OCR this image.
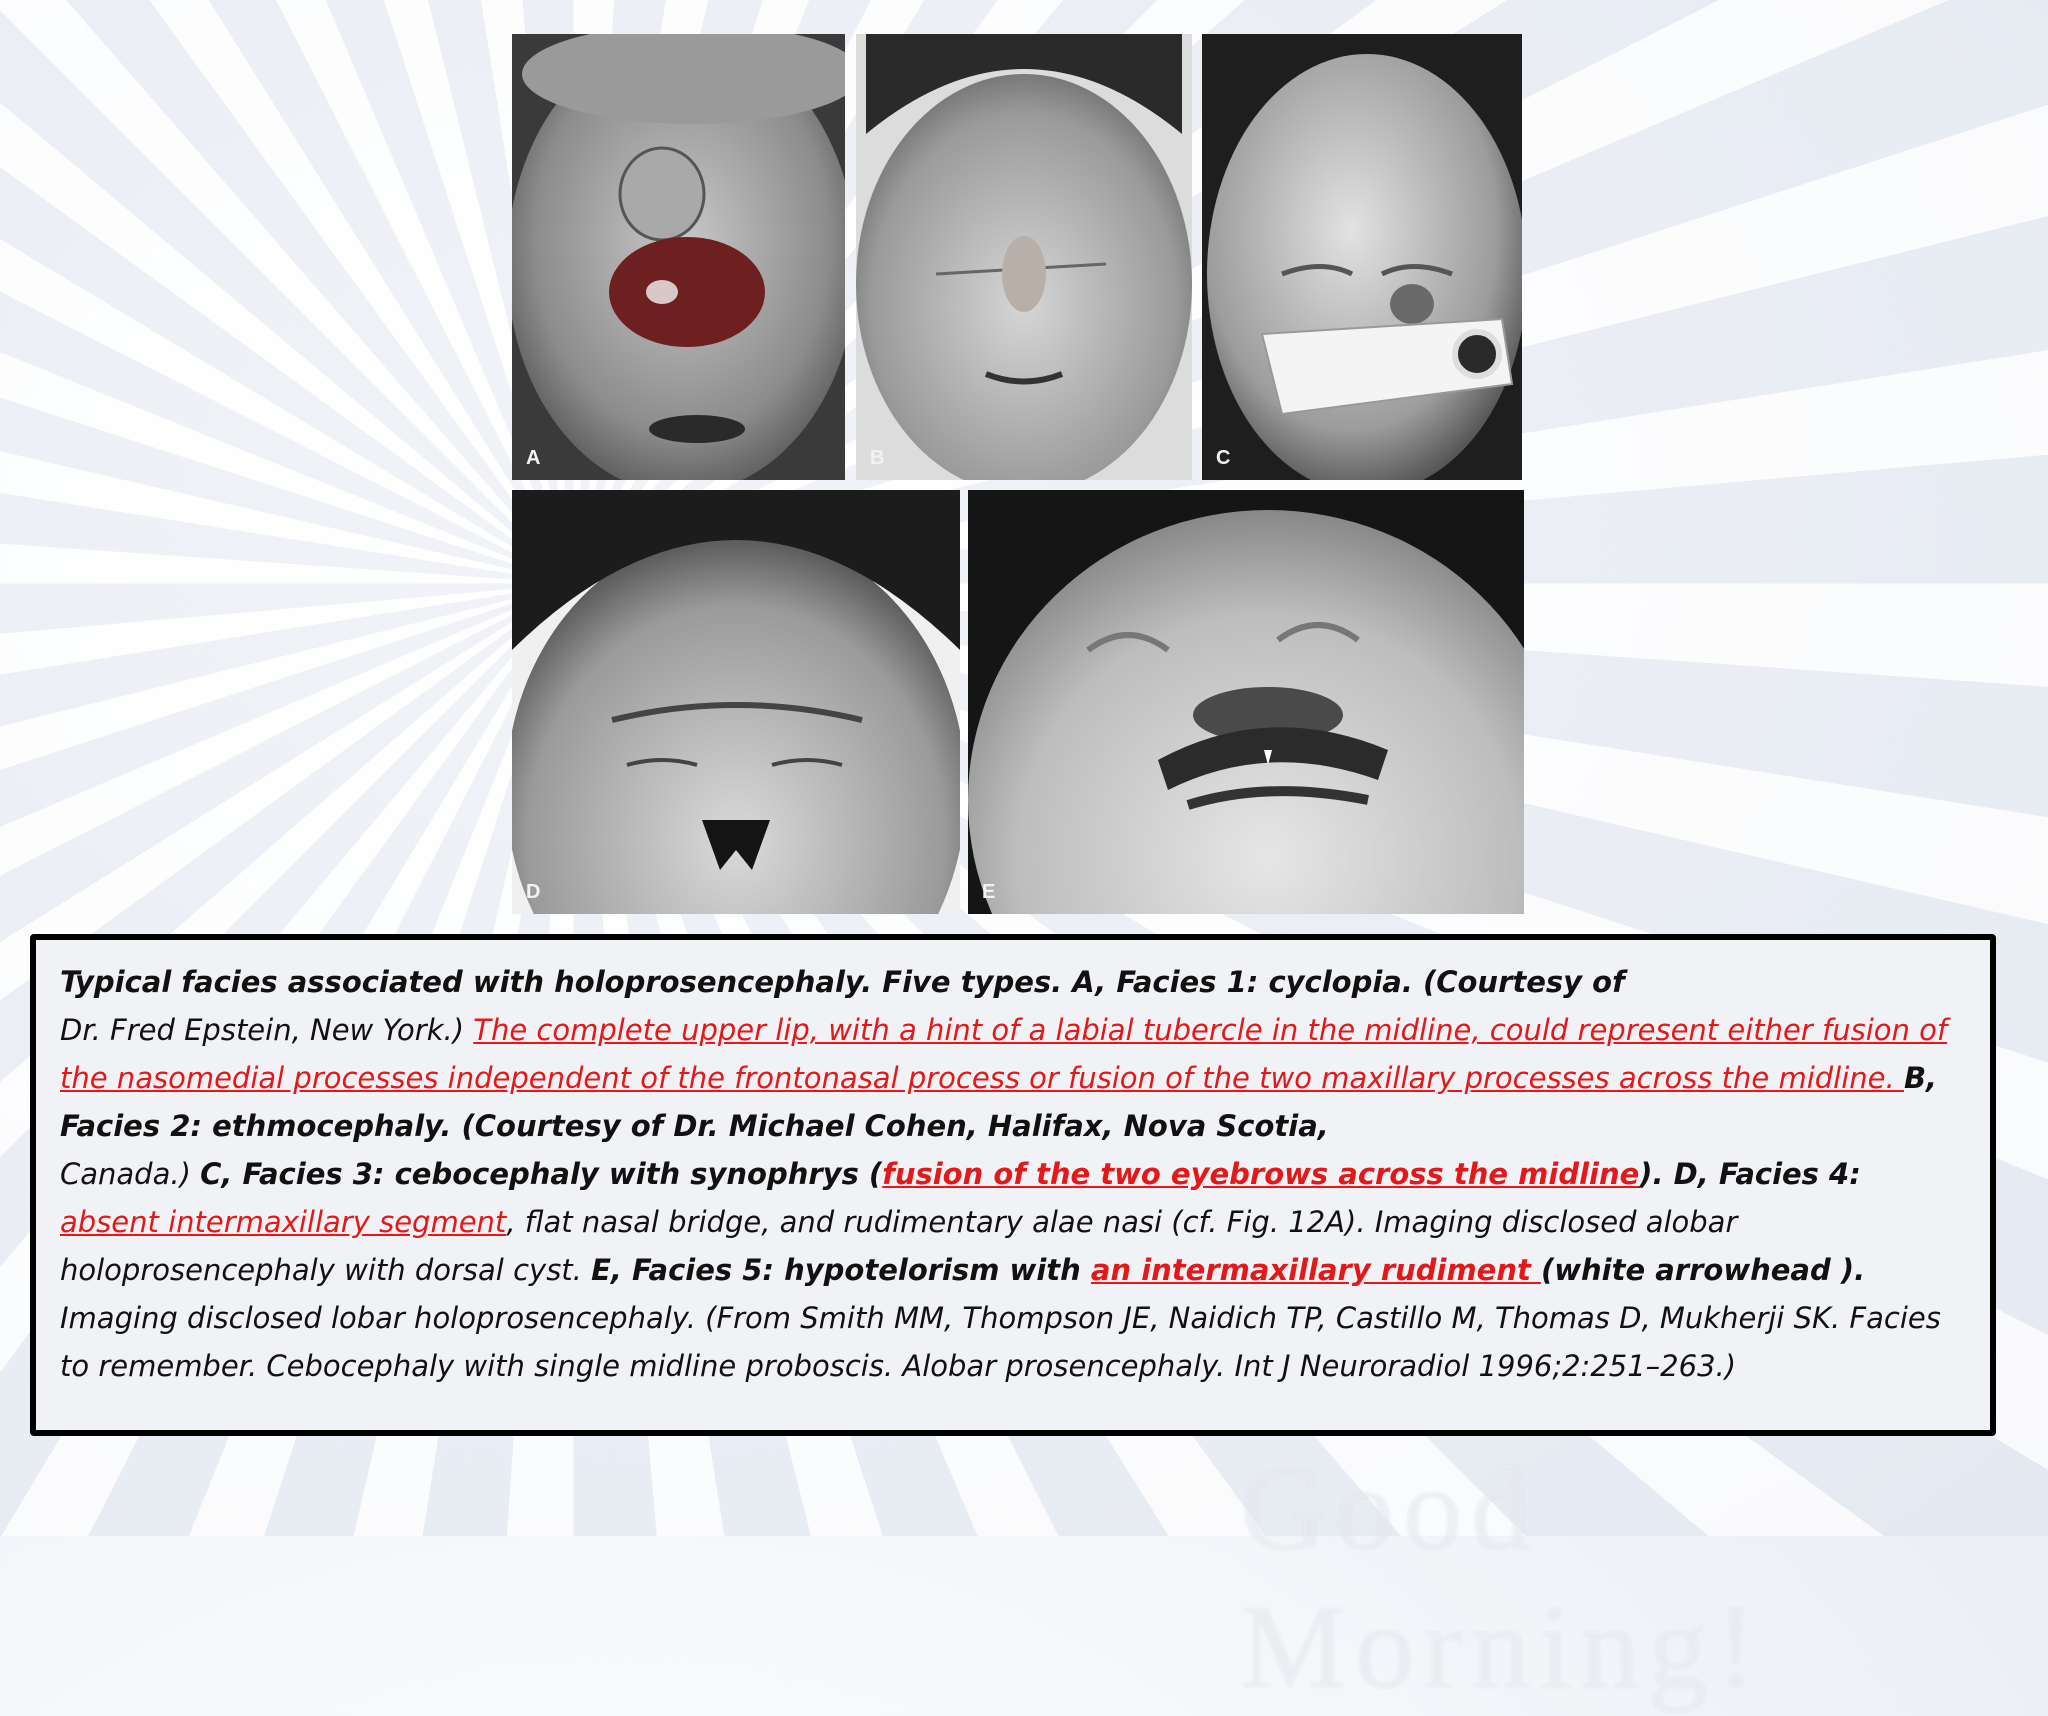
Good Morning!
A	B	C
D	E
Typical facies associated with holoprosencephaly. Five types. A, Facies 1: cyclopia. (Courtesy of
Dr. Fred Epstein, New York.) The complete upper lip, with a hint of a labial tubercle in the midline, could represent either fusion of the nasomedial processes independent of the frontonasal process or fusion of the two maxillary processes across the midline. B, Facies 2: ethmocephaly. (Courtesy of Dr. Michael Cohen, Halifax, Nova Scotia,
Canada.) C, Facies 3: cebocephaly with synophrys (fusion of the two eyebrows across the midline). D, Facies 4:
absent intermaxillary segment, flat nasal bridge, and rudimentary alae nasi (cf. Fig. 12A). Imaging disclosed alobar holoprosencephaly with dorsal cyst. E, Facies 5: hypotelorism with an intermaxillary rudiment (white arrowhead ).
Imaging disclosed lobar holoprosencephaly. (From Smith MM, Thompson JE, Naidich TP, Castillo M, Thomas D, Mukherji SK. Facies to remember. Cebocephaly with single midline proboscis. Alobar prosencephaly. Int J Neuroradiol 1996;2:251–263.)
